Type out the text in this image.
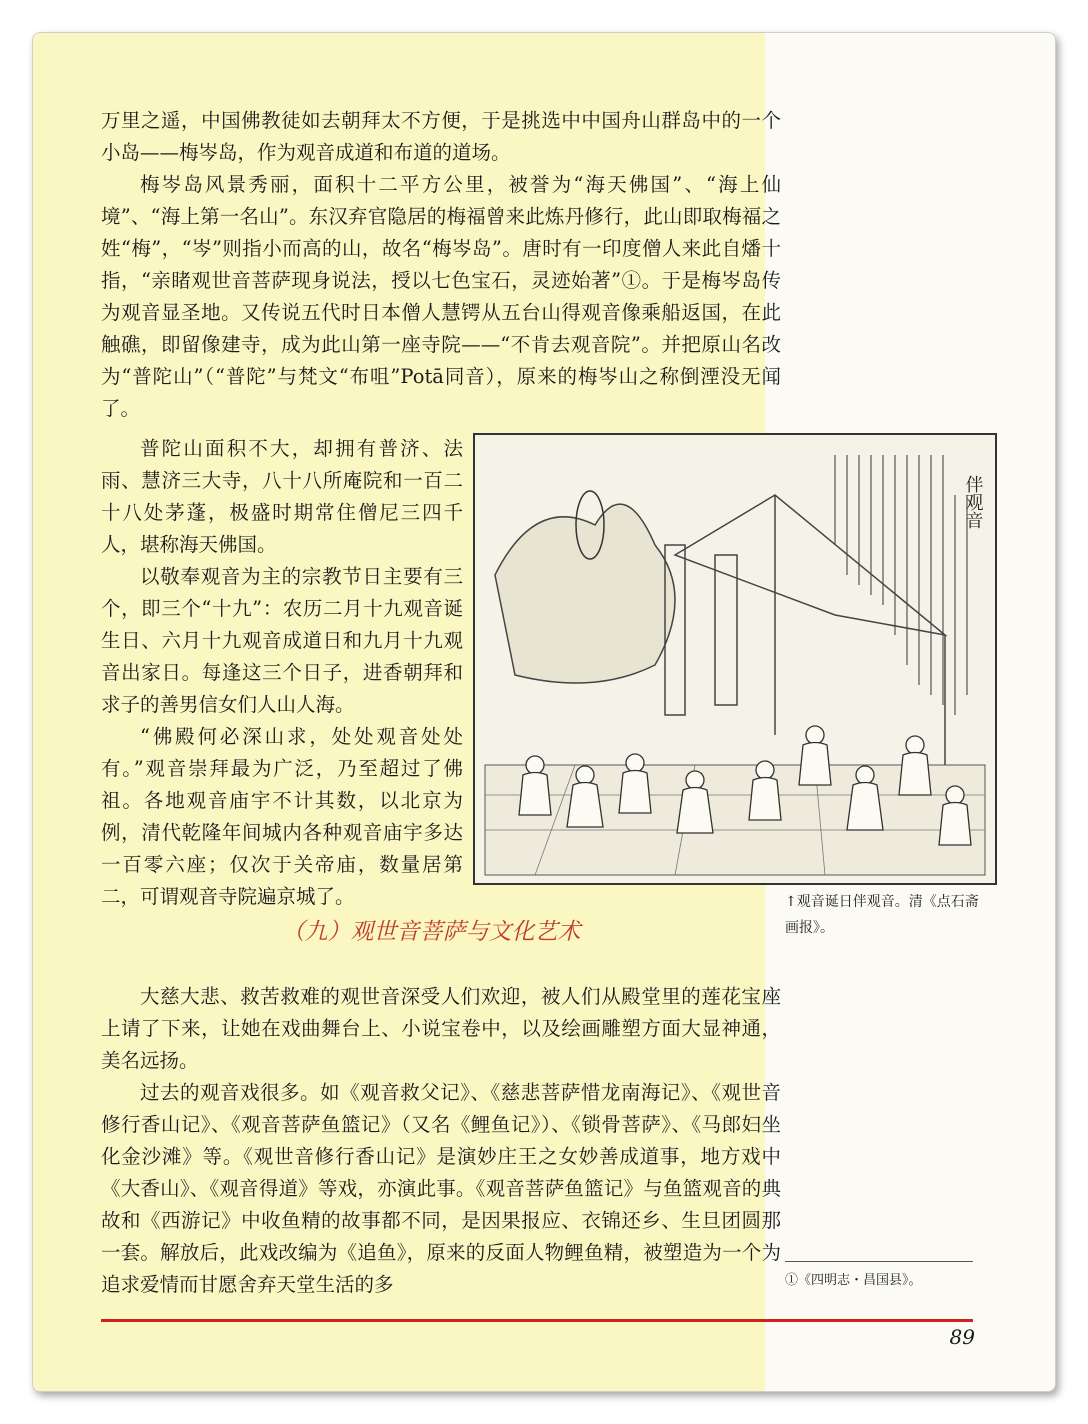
万里之遥，中国佛教徒如去朝拜太不方便，于是挑选中中国舟山群岛中的一个小岛——梅岑岛，作为观音成道和布道的道场。

梅岑岛风景秀丽，面积十二平方公里，被誉为“海天佛国”、“海上仙境”、“海上第一名山”。东汉弃官隐居的梅福曾来此炼丹修行，此山即取梅福之姓“梅”，“岑”则指小而高的山，故名“梅岑岛”。唐时有一印度僧人来此自燔十指，“亲睹观世音菩萨现身说法，授以七色宝石，灵迹始著”①。于是梅岑岛传为观音显圣地。又传说五代时日本僧人慧锷从五台山得观音像乘船返国，在此触礁，即留像建寺，成为此山第一座寺院——“不肯去观音院”。并把原山名改为“普陀山”（“普陀”与梵文“布咀”Potā同音），原来的梅岑山之称倒湮没无闻了。

普陀山面积不大，却拥有普济、法雨、慧济三大寺，八十八所庵院和一百二十八处茅蓬，极盛时期常住僧尼三四千人，堪称海天佛国。

以敬奉观音为主的宗教节日主要有三个，即三个“十九”：农历二月十九观音诞生日、六月十九观音成道日和九月十九观音出家日。每逢这三个日子，进香朝拜和求子的善男信女们人山人海。

“佛殿何必深山求，处处观音处处有。”观音崇拜最为广泛，乃至超过了佛祖。各地观音庙宇不计其数，以北京为例，清代乾隆年间城内各种观音庙宇多达一百零六座；仅次于关帝庙，数量居第二，可谓观音寺院遍京城了。

伴观音
↑观音诞日伴观音。清《点石斋画报》。
（九）观世音菩萨与文化艺术

大慈大悲、救苦救难的观世音深受人们欢迎，被人们从殿堂里的莲花宝座上请了下来，让她在戏曲舞台上、小说宝卷中，以及绘画雕塑方面大显神通，美名远扬。

过去的观音戏很多。如《观音救父记》、《慈悲菩萨惜龙南海记》、《观世音修行香山记》、《观音菩萨鱼篮记》（又名《鲤鱼记》）、《锁骨菩萨》、《马郎妇坐化金沙滩》等。《观世音修行香山记》是演妙庄王之女妙善成道事，地方戏中《大香山》、《观音得道》等戏，亦演此事。《观音菩萨鱼篮记》与鱼篮观音的典故和《西游记》中收鱼精的故事都不同，是因果报应、衣锦还乡、生旦团圆那一套。解放后，此戏改编为《追鱼》，原来的反面人物鲤鱼精，被塑造为一个为追求爱情而甘愿舍弃天堂生活的多	①《四明志・昌国县》。
89
